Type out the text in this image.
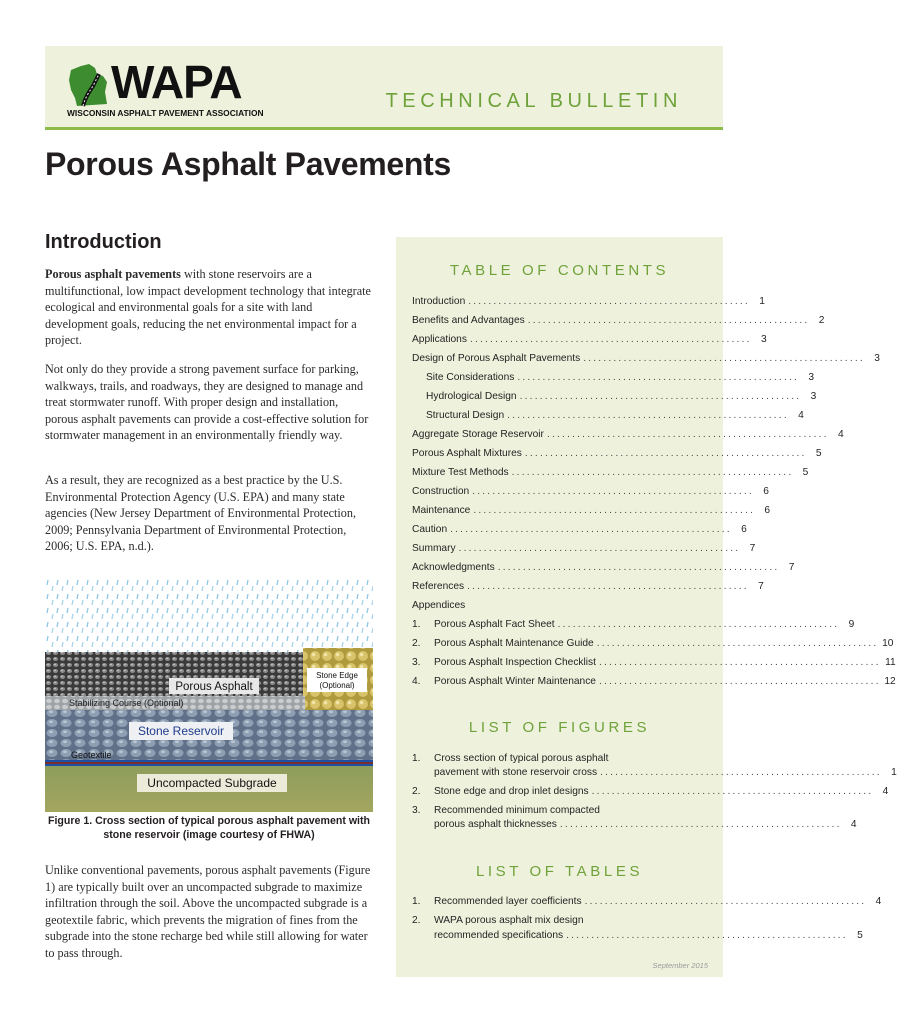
WAPA
WISCONSIN ASPHALT PAVEMENT ASSOCIATION
TECHNICAL BULLETIN
Porous Asphalt Pavements
Introduction

Porous asphalt pavements with stone reservoirs are a multifunctional, low impact development technology that integrate ecological and environmental goals for a site with land development goals, reducing the net environmental impact for a project.

Not only do they provide a strong pavement surface for parking, walkways, trails, and roadways, they are designed to manage and treat stormwater runoff. With proper design and installation, porous asphalt pavements can provide a cost-effective solution for stormwater management in an environmentally friendly way.

As a result, they are recognized as a best practice by the U.S. Environmental Protection Agency (U.S. EPA) and many state agencies (New Jersey Department of Environmental Protection, 2009; Pennsylvania Department of Environmental Protection, 2006; U.S. EPA, n.d.).

Porous Asphalt
Stone Edge
(Optional)
Stabilizing Course (Optional)
Stone Reservoir
Geotextile
Uncompacted Subgrade
Figure 1. Cross section of typical porous asphalt pavement with stone reservoir (image courtesy of FHWA)

Unlike conventional pavements, porous asphalt pavements (Figure 1) are typically built over an uncompacted subgrade to maximize infiltration through the soil. Above the uncompacted subgrade is a geotextile fabric, which prevents the migration of fines from the subgrade into the stone recharge bed while still allowing for water to pass through.

TABLE OF CONTENTS
Introduction ........................................................ 1
Benefits and Advantages ........................................................ 2
Applications ........................................................ 3
Design of Porous Asphalt Pavements ........................................................ 3
Site Considerations ........................................................ 3
Hydrological Design ........................................................ 3
Structural Design ........................................................ 4
Aggregate Storage Reservoir ........................................................ 4
Porous Asphalt Mixtures ........................................................ 5
Mixture Test Methods ........................................................ 5
Construction ........................................................ 6
Maintenance ........................................................ 6
Caution ........................................................ 6
Summary ........................................................ 7
Acknowledgments ........................................................ 7
References ........................................................ 7
Appendices
1.	Porous Asphalt Fact Sheet ........................................................ 9
2.	Porous Asphalt Maintenance Guide ........................................................ 10
3.	Porous Asphalt Inspection Checklist ........................................................ 11
4.	Porous Asphalt Winter Maintenance ........................................................ 12
LIST OF FIGURES
1.	Cross section of typical porous asphalt
pavement with stone reservoir cross ........................................................ 1
2.	Stone edge and drop inlet designs ........................................................ 4
3.	Recommended minimum compacted
porous asphalt thicknesses ........................................................ 4
LIST OF TABLES
1.	Recommended layer coefficients ........................................................ 4
2.	WAPA porous asphalt mix design
recommended specifications ........................................................ 5
September 2015
